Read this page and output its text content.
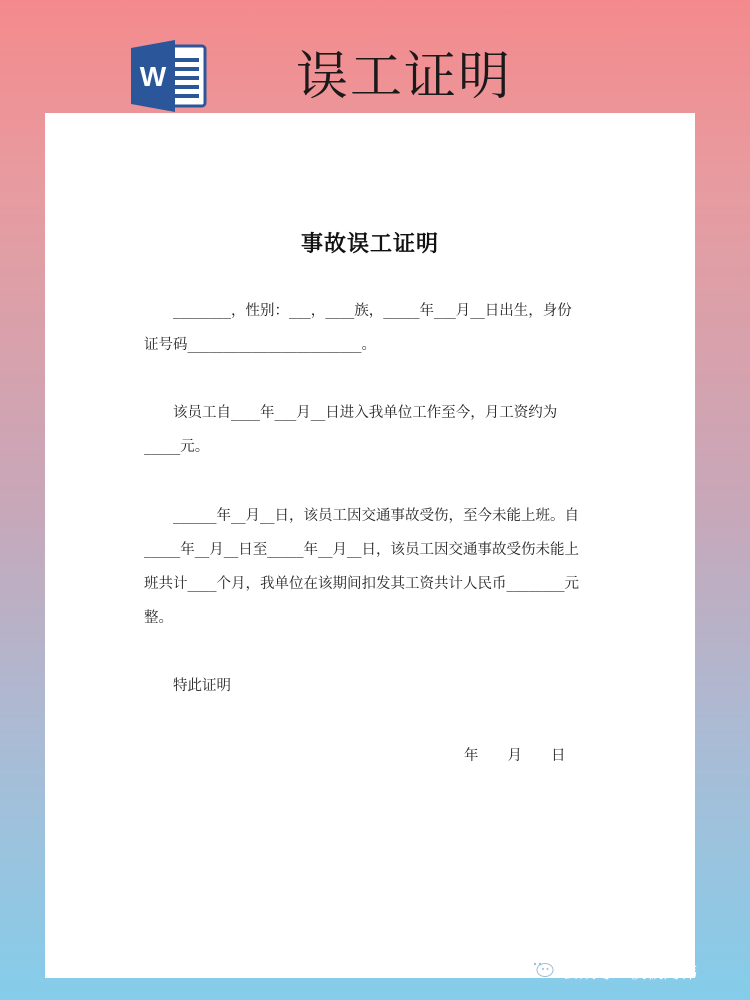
W 误工证明
事故误工证明
　　________，性别：___，____族，_____年___月__日出生，身份
证号码________________________。
　　该员工自____年___月__日进入我单位工作至今，月工资约为
_____元。
　　______年__月__日，该员工因交通事故受伤，至今未能上班。自
_____年__月__日至_____年__月__日，该员工因交通事故受伤未能上
班共计____个月，我单位在该期间扣发其工资共计人民币________元
整。
　　特此证明
年　　月　　日
公众号 · 模板阿伟
